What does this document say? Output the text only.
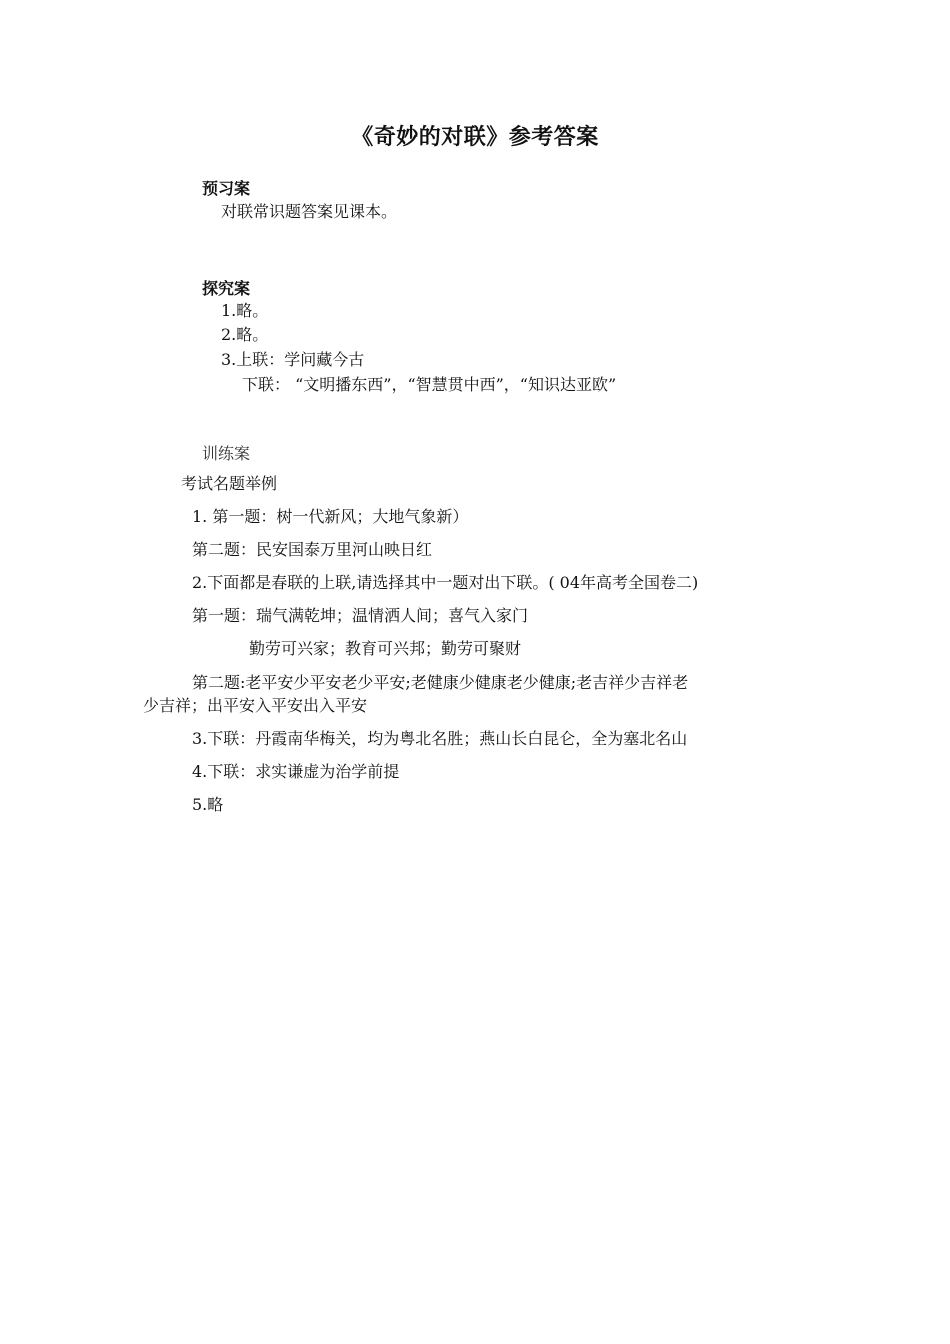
《奇妙的对联》参考答案
预习案
对联常识题答案见课本。
探究案
1.略。
2.略。
3.上联：学问藏今古
下联： “文明播东西”，“智慧贯中西”，“知识达亚欧”
训练案
考试名题举例
1. 第一题：树一代新风；大地气象新）
第二题：民安国泰万里河山映日红
2.下面都是春联的上联,请选择其中一题对出下联。( 04年高考全国卷二)
第一题：瑞气满乾坤；温情洒人间；喜气入家门
勤劳可兴家；教育可兴邦；勤劳可聚财
第二题:老平安少平安老少平安;老健康少健康老少健康;老吉祥少吉祥老
少吉祥；出平安入平安出入平安
3.下联：丹霞南华梅关，均为粤北名胜；燕山长白昆仑，全为塞北名山
4.下联：求实谦虚为治学前提
5.略
